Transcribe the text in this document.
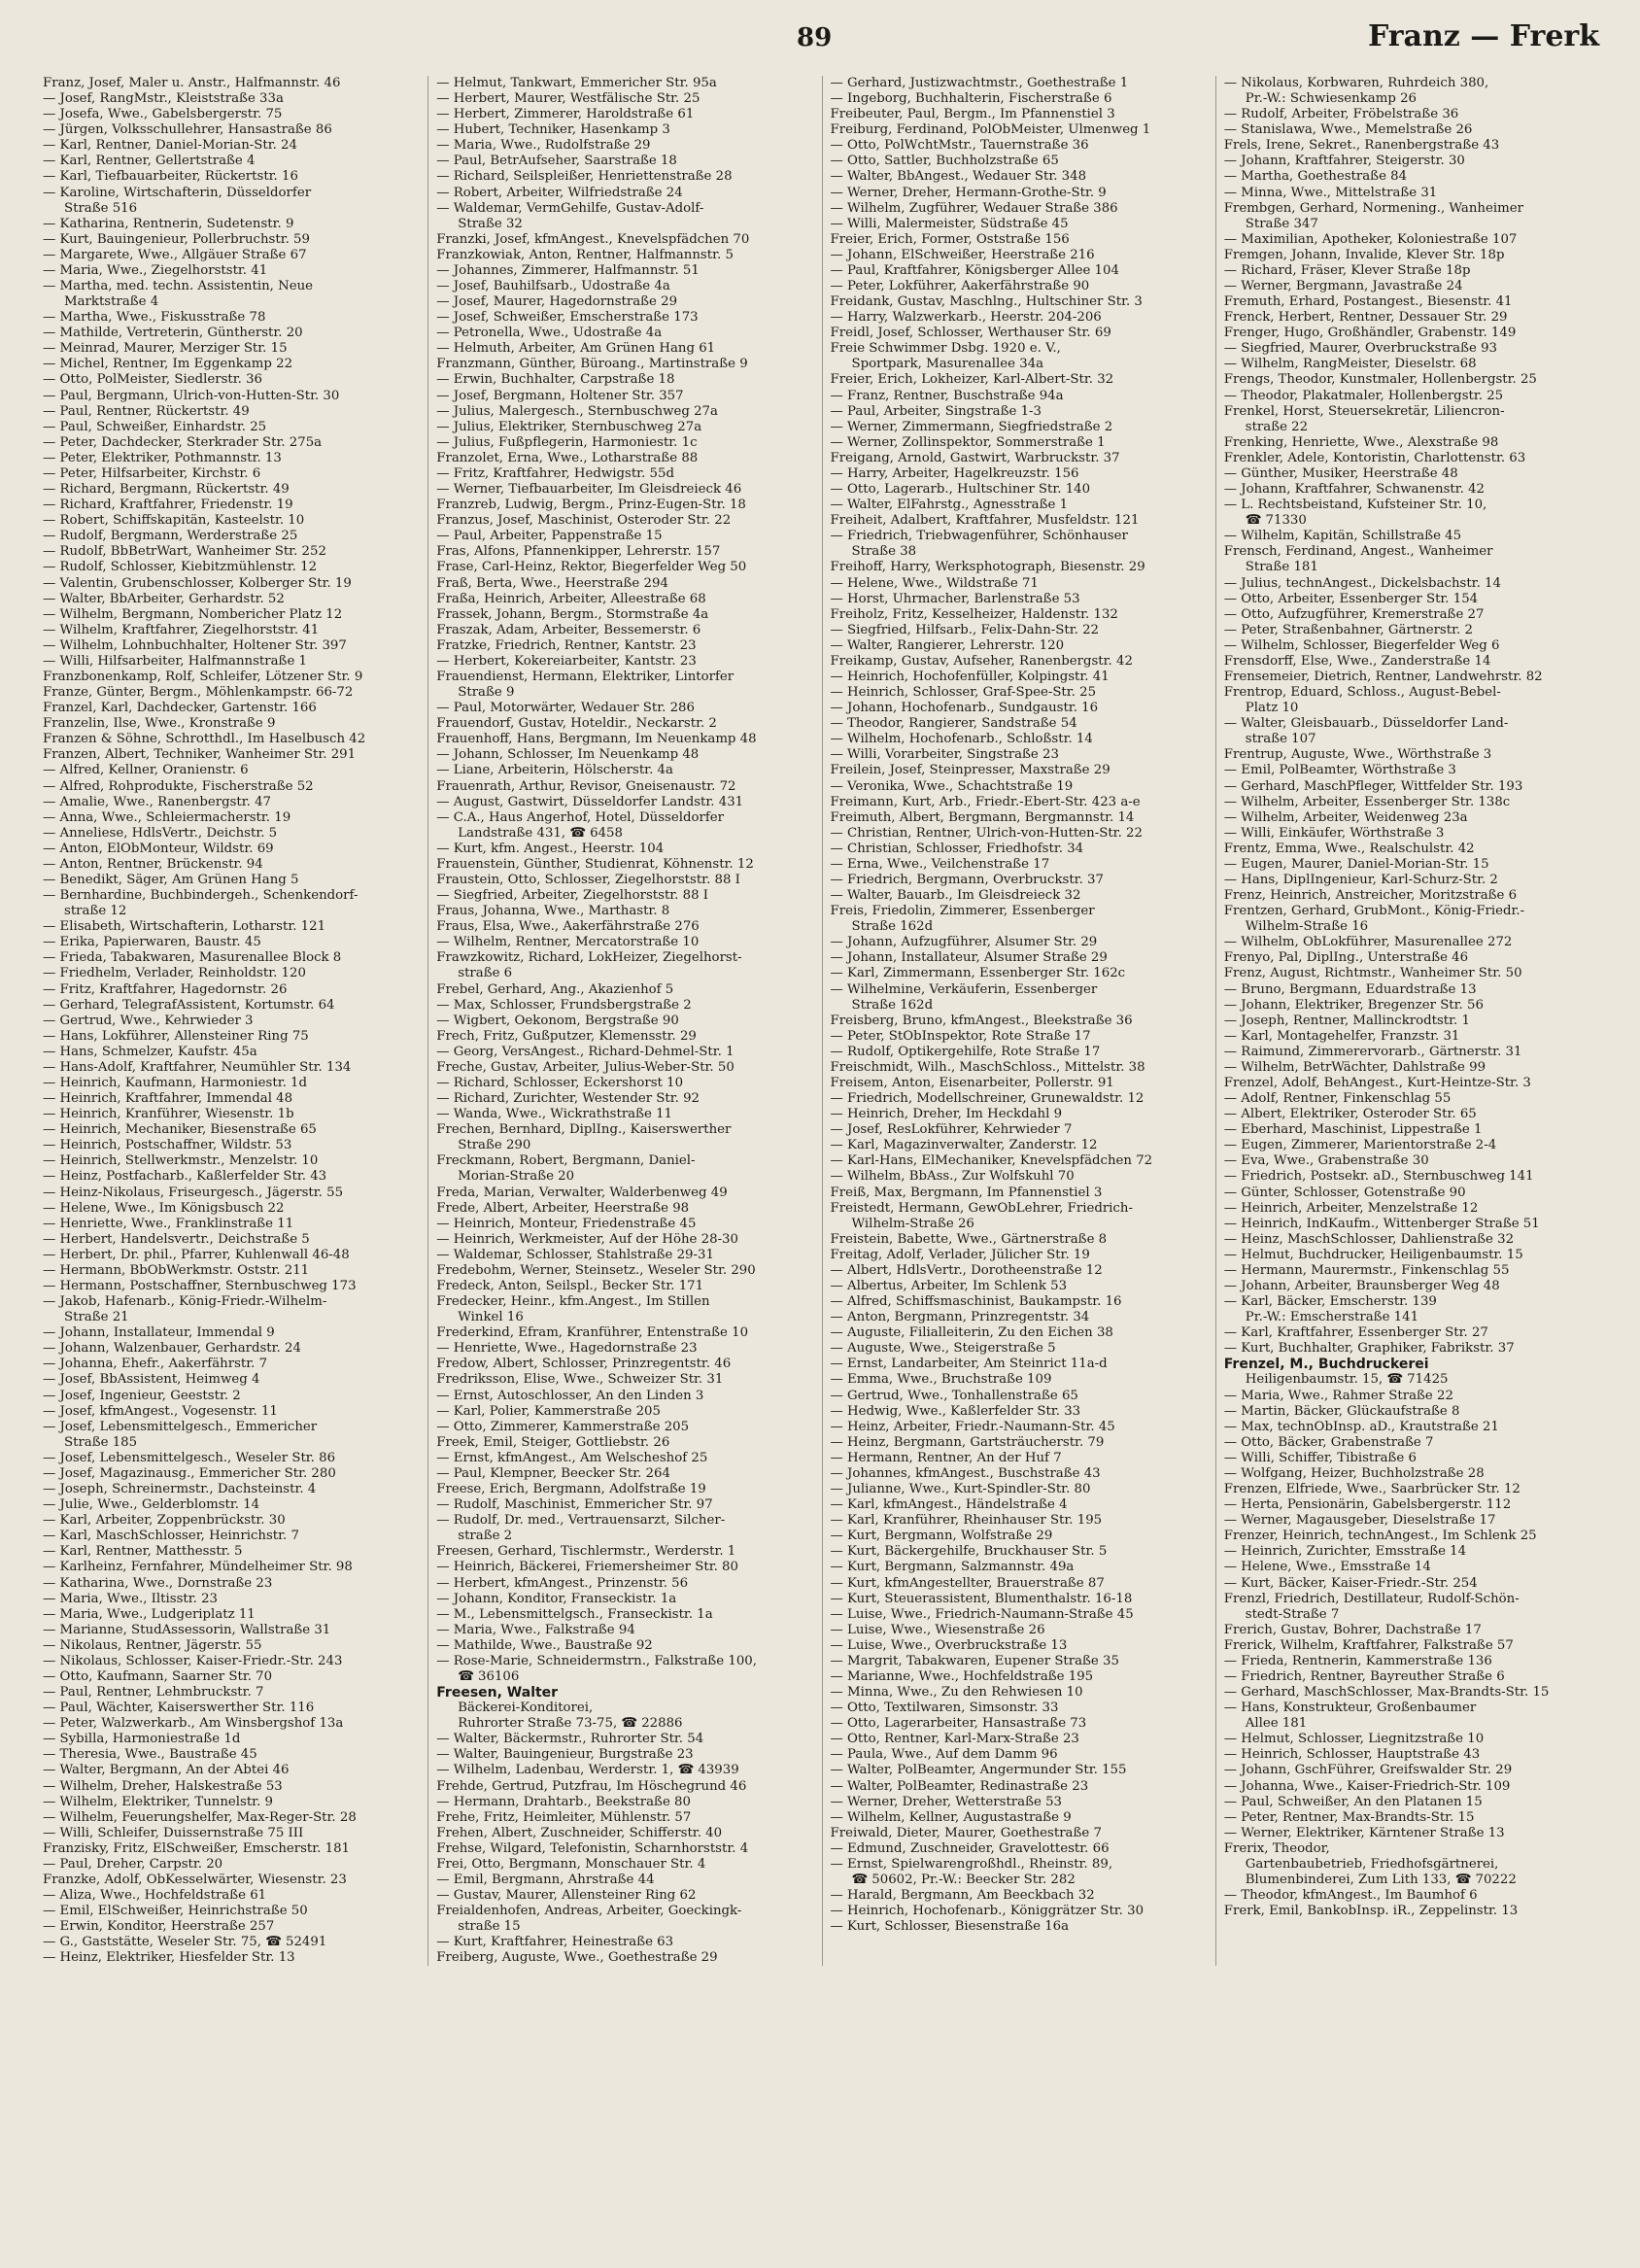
89	Franz — Frerk
Franz, Josef, Maler u. Anstr., Halfmannstr. 46
— Josef, RangMstr., Kleiststraße 33a
— Josefa, Wwe., Gabelsbergerstr. 75
— Jürgen, Volksschullehrer, Hansastraße 86
— Karl, Rentner, Daniel-Morian-Str. 24
— Karl, Rentner, Gellertstraße 4
— Karl, Tiefbauarbeiter, Rückertstr. 16
— Karoline, Wirtschafterin, Düsseldorfer
Straße 516
— Katharina, Rentnerin, Sudetenstr. 9
— Kurt, Bauingenieur, Pollerbruchstr. 59
— Margarete, Wwe., Allgäuer Straße 67
— Maria, Wwe., Ziegelhorststr. 41
— Martha, med. techn. Assistentin, Neue
Marktstraße 4
— Martha, Wwe., Fiskusstraße 78
— Mathilde, Vertreterin, Güntherstr. 20
— Meinrad, Maurer, Merziger Str. 15
— Michel, Rentner, Im Eggenkamp 22
— Otto, PolMeister, Siedlerstr. 36
— Paul, Bergmann, Ulrich-von-Hutten-Str. 30
— Paul, Rentner, Rückertstr. 49
— Paul, Schweißer, Einhardstr. 25
— Peter, Dachdecker, Sterkrader Str. 275a
— Peter, Elektriker, Pothmannstr. 13
— Peter, Hilfsarbeiter, Kirchstr. 6
— Richard, Bergmann, Rückertstr. 49
— Richard, Kraftfahrer, Friedenstr. 19
— Robert, Schiffskapitän, Kasteelstr. 10
— Rudolf, Bergmann, Werderstraße 25
— Rudolf, BbBetrWart, Wanheimer Str. 252
— Rudolf, Schlosser, Kiebitzmühlenstr. 12
— Valentin, Grubenschlosser, Kolberger Str. 19
— Walter, BbArbeiter, Gerhardstr. 52
— Wilhelm, Bergmann, Nombericher Platz 12
— Wilhelm, Kraftfahrer, Ziegelhorststr. 41
— Wilhelm, Lohnbuchhalter, Holtener Str. 397
— Willi, Hilfsarbeiter, Halfmannstraße 1
Franzbonenkamp, Rolf, Schleifer, Lötzener Str. 9
Franze, Günter, Bergm., Möhlenkampstr. 66-72
Franzel, Karl, Dachdecker, Gartenstr. 166
Franzelin, Ilse, Wwe., Kronstraße 9
Franzen & Söhne, Schrotthdl., Im Haselbusch 42
Franzen, Albert, Techniker, Wanheimer Str. 291
— Alfred, Kellner, Oranienstr. 6
— Alfred, Rohprodukte, Fischerstraße 52
— Amalie, Wwe., Ranenbergstr. 47
— Anna, Wwe., Schleiermacherstr. 19
— Anneliese, HdlsVertr., Deichstr. 5
— Anton, ElObMonteur, Wildstr. 69
— Anton, Rentner, Brückenstr. 94
— Benedikt, Säger, Am Grünen Hang 5
— Bernhardine, Buchbindergeh., Schenkendorf-
straße 12
— Elisabeth, Wirtschafterin, Lotharstr. 121
— Erika, Papierwaren, Baustr. 45
— Frieda, Tabakwaren, Masurenallee Block 8
— Friedhelm, Verlader, Reinholdstr. 120
— Fritz, Kraftfahrer, Hagedornstr. 26
— Gerhard, TelegrafAssistent, Kortumstr. 64
— Gertrud, Wwe., Kehrwieder 3
— Hans, Lokführer, Allensteiner Ring 75
— Hans, Schmelzer, Kaufstr. 45a
— Hans-Adolf, Kraftfahrer, Neumühler Str. 134
— Heinrich, Kaufmann, Harmoniestr. 1d
— Heinrich, Kraftfahrer, Immendal 48
— Heinrich, Kranführer, Wiesenstr. 1b
— Heinrich, Mechaniker, Biesenstraße 65
— Heinrich, Postschaffner, Wildstr. 53
— Heinrich, Stellwerkmstr., Menzelstr. 10
— Heinz, Postfacharb., Kaßlerfelder Str. 43
— Heinz-Nikolaus, Friseurgesch., Jägerstr. 55
— Helene, Wwe., Im Königsbusch 22
— Henriette, Wwe., Franklinstraße 11
— Herbert, Handelsvertr., Deichstraße 5
— Herbert, Dr. phil., Pfarrer, Kuhlenwall 46-48
— Hermann, BbObWerkmstr. Oststr. 211
— Hermann, Postschaffner, Sternbuschweg 173
— Jakob, Hafenarb., König-Friedr.-Wilhelm-
Straße 21
— Johann, Installateur, Immendal 9
— Johann, Walzenbauer, Gerhardstr. 24
— Johanna, Ehefr., Aakerfährstr. 7
— Josef, BbAssistent, Heimweg 4
— Josef, Ingenieur, Geeststr. 2
— Josef, kfmAngest., Vogesenstr. 11
— Josef, Lebensmittelgesch., Emmericher
Straße 185
— Josef, Lebensmittelgesch., Weseler Str. 86
— Josef, Magazinausg., Emmericher Str. 280
— Joseph, Schreinermstr., Dachsteinstr. 4
— Julie, Wwe., Gelderblomstr. 14
— Karl, Arbeiter, Zoppenbrückstr. 30
— Karl, MaschSchlosser, Heinrichstr. 7
— Karl, Rentner, Matthesstr. 5
— Karlheinz, Fernfahrer, Mündelheimer Str. 98
— Katharina, Wwe., Dornstraße 23
— Maria, Wwe., Iltisstr. 23
— Maria, Wwe., Ludgeriplatz 11
— Marianne, StudAssessorin, Wallstraße 31
— Nikolaus, Rentner, Jägerstr. 55
— Nikolaus, Schlosser, Kaiser-Friedr.-Str. 243
— Otto, Kaufmann, Saarner Str. 70
— Paul, Rentner, Lehmbruckstr. 7
— Paul, Wächter, Kaiserswerther Str. 116
— Peter, Walzwerkarb., Am Winsbergshof 13a
— Sybilla, Harmoniestraße 1d
— Theresia, Wwe., Baustraße 45
— Walter, Bergmann, An der Abtei 46
— Wilhelm, Dreher, Halskestraße 53
— Wilhelm, Elektriker, Tunnelstr. 9
— Wilhelm, Feuerungshelfer, Max-Reger-Str. 28
— Willi, Schleifer, Duissernstraße 75 III
Franzisky, Fritz, ElSchweißer, Emscherstr. 181
— Paul, Dreher, Carpstr. 20
Franzke, Adolf, ObKesselwärter, Wiesenstr. 23
— Aliza, Wwe., Hochfeldstraße 61
— Emil, ElSchweißer, Heinrichstraße 50
— Erwin, Konditor, Heerstraße 257
— G., Gaststätte, Weseler Str. 75, ☎ 52491
— Heinz, Elektriker, Hiesfelder Str. 13
— Helmut, Tankwart, Emmericher Str. 95a
— Herbert, Maurer, Westfälische Str. 25
— Herbert, Zimmerer, Haroldstraße 61
— Hubert, Techniker, Hasenkamp 3
— Maria, Wwe., Rudolfstraße 29
— Paul, BetrAufseher, Saarstraße 18
— Richard, Seilspleißer, Henriettenstraße 28
— Robert, Arbeiter, Wilfriedstraße 24
— Waldemar, VermGehilfe, Gustav-Adolf-
Straße 32
Franzki, Josef, kfmAngest., Knevelspfädchen 70
Franzkowiak, Anton, Rentner, Halfmannstr. 5
— Johannes, Zimmerer, Halfmannstr. 51
— Josef, Bauhilfsarb., Udostraße 4a
— Josef, Maurer, Hagedornstraße 29
— Josef, Schweißer, Emscherstraße 173
— Petronella, Wwe., Udostraße 4a
— Helmuth, Arbeiter, Am Grünen Hang 61
Franzmann, Günther, Büroang., Martinstraße 9
— Erwin, Buchhalter, Carpstraße 18
— Josef, Bergmann, Holtener Str. 357
— Julius, Malergesch., Sternbuschweg 27a
— Julius, Elektriker, Sternbuschweg 27a
— Julius, Fußpflegerin, Harmoniestr. 1c
Franzolet, Erna, Wwe., Lotharstraße 88
— Fritz, Kraftfahrer, Hedwigstr. 55d
— Werner, Tiefbauarbeiter, Im Gleisdreieck 46
Franzreb, Ludwig, Bergm., Prinz-Eugen-Str. 18
Franzus, Josef, Maschinist, Osteroder Str. 22
— Paul, Arbeiter, Pappenstraße 15
Fras, Alfons, Pfannenkipper, Lehrerstr. 157
Frase, Carl-Heinz, Rektor, Biegerfelder Weg 50
Fraß, Berta, Wwe., Heerstraße 294
Fraßa, Heinrich, Arbeiter, Alleestraße 68
Frassek, Johann, Bergm., Stormstraße 4a
Fraszak, Adam, Arbeiter, Bessemerstr. 6
Fratzke, Friedrich, Rentner, Kantstr. 23
— Herbert, Kokereiarbeiter, Kantstr. 23
Frauendienst, Hermann, Elektriker, Lintorfer
Straße 9
— Paul, Motorwärter, Wedauer Str. 286
Frauendorf, Gustav, Hoteldir., Neckarstr. 2
Frauenhoff, Hans, Bergmann, Im Neuenkamp 48
— Johann, Schlosser, Im Neuenkamp 48
— Liane, Arbeiterin, Hölscherstr. 4a
Frauenrath, Arthur, Revisor, Gneisenaustr. 72
— August, Gastwirt, Düsseldorfer Landstr. 431
— C.A., Haus Angerhof, Hotel, Düsseldorfer
Landstraße 431, ☎ 6458
— Kurt, kfm. Angest., Heerstr. 104
Frauenstein, Günther, Studienrat, Köhnenstr. 12
Fraustein, Otto, Schlosser, Ziegelhorststr. 88 I
— Siegfried, Arbeiter, Ziegelhorststr. 88 I
Fraus, Johanna, Wwe., Marthastr. 8
Fraus, Elsa, Wwe., Aakerfährstraße 276
— Wilhelm, Rentner, Mercatorstraße 10
Frawzkowitz, Richard, LokHeizer, Ziegelhorst-
straße 6
Frebel, Gerhard, Ang., Akazienhof 5
— Max, Schlosser, Frundsbergstraße 2
— Wigbert, Oekonom, Bergstraße 90
Frech, Fritz, Gußputzer, Klemensstr. 29
— Georg, VersAngest., Richard-Dehmel-Str. 1
Freche, Gustav, Arbeiter, Julius-Weber-Str. 50
— Richard, Schlosser, Eckershorst 10
— Richard, Zurichter, Westender Str. 92
— Wanda, Wwe., Wickrathstraße 11
Frechen, Bernhard, DiplIng., Kaiserswerther
Straße 290
Freckmann, Robert, Bergmann, Daniel-
Morian-Straße 20
Freda, Marian, Verwalter, Walderbenweg 49
Frede, Albert, Arbeiter, Heerstraße 98
— Heinrich, Monteur, Friedenstraße 45
— Heinrich, Werkmeister, Auf der Höhe 28-30
— Waldemar, Schlosser, Stahlstraße 29-31
Fredebohm, Werner, Steinsetz., Weseler Str. 290
Fredeck, Anton, Seilspl., Becker Str. 171
Fredecker, Heinr., kfm.Angest., Im Stillen
Winkel 16
Frederkind, Efram, Kranführer, Entenstraße 10
— Henriette, Wwe., Hagedornstraße 23
Fredow, Albert, Schlosser, Prinzregentstr. 46
Fredriksson, Elise, Wwe., Schweizer Str. 31
— Ernst, Autoschlosser, An den Linden 3
— Karl, Polier, Kammerstraße 205
— Otto, Zimmerer, Kammerstraße 205
Freek, Emil, Steiger, Gottliebstr. 26
— Ernst, kfmAngest., Am Welscheshof 25
— Paul, Klempner, Beecker Str. 264
Freese, Erich, Bergmann, Adolfstraße 19
— Rudolf, Maschinist, Emmericher Str. 97
— Rudolf, Dr. med., Vertrauensarzt, Silcher-
straße 2
Freesen, Gerhard, Tischlermstr., Werderstr. 1
— Heinrich, Bäckerei, Friemersheimer Str. 80
— Herbert, kfmAngest., Prinzenstr. 56
— Johann, Konditor, Franseckistr. 1a
— M., Lebensmittelgsch., Franseckistr. 1a
— Maria, Wwe., Falkstraße 94
— Mathilde, Wwe., Baustraße 92
— Rose-Marie, Schneidermstrn., Falkstraße 100,
☎ 36106
Freesen, Walter
Bäckerei-Konditorei,
Ruhrorter Straße 73-75, ☎ 22886
— Walter, Bäckermstr., Ruhrorter Str. 54
— Walter, Bauingenieur, Burgstraße 23
— Wilhelm, Ladenbau, Werderstr. 1, ☎ 43939
Frehde, Gertrud, Putzfrau, Im Höschegrund 46
— Hermann, Drahtarb., Beekstraße 80
Frehe, Fritz, Heimleiter, Mühlenstr. 57
Frehen, Albert, Zuschneider, Schifferstr. 40
Frehse, Wilgard, Telefonistin, Scharnhorststr. 4
Frei, Otto, Bergmann, Monschauer Str. 4
— Emil, Bergmann, Ahrstraße 44
— Gustav, Maurer, Allensteiner Ring 62
Freialdenhofen, Andreas, Arbeiter, Goeckingk-
straße 15
— Kurt, Kraftfahrer, Heinestraße 63
Freiberg, Auguste, Wwe., Goethestraße 29
— Gerhard, Justizwachtmstr., Goethestraße 1
— Ingeborg, Buchhalterin, Fischerstraße 6
Freibeuter, Paul, Bergm., Im Pfannenstiel 3
Freiburg, Ferdinand, PolObMeister, Ulmenweg 1
— Otto, PolWchtMstr., Tauernstraße 36
— Otto, Sattler, Buchholzstraße 65
— Walter, BbAngest., Wedauer Str. 348
— Werner, Dreher, Hermann-Grothe-Str. 9
— Wilhelm, Zugführer, Wedauer Straße 386
— Willi, Malermeister, Südstraße 45
Freier, Erich, Former, Oststraße 156
— Johann, ElSchweißer, Heerstraße 216
— Paul, Kraftfahrer, Königsberger Allee 104
— Peter, Lokführer, Aakerfährstraße 90
Freidank, Gustav, Maschlng., Hultschiner Str. 3
— Harry, Walzwerkarb., Heerstr. 204-206
Freidl, Josef, Schlosser, Werthauser Str. 69
Freie Schwimmer Dsbg. 1920 e. V.,
Sportpark, Masurenallee 34a
Freier, Erich, Lokheizer, Karl-Albert-Str. 32
— Franz, Rentner, Buschstraße 94a
— Paul, Arbeiter, Singstraße 1-3
— Werner, Zimmermann, Siegfriedstraße 2
— Werner, Zollinspektor, Sommerstraße 1
Freigang, Arnold, Gastwirt, Warbruckstr. 37
— Harry, Arbeiter, Hagelkreuzstr. 156
— Otto, Lagerarb., Hultschiner Str. 140
— Walter, ElFahrstg., Agnesstraße 1
Freiheit, Adalbert, Kraftfahrer, Musfeldstr. 121
— Friedrich, Triebwagenführer, Schönhauser
Straße 38
Freihoff, Harry, Werksphotograph, Biesenstr. 29
— Helene, Wwe., Wildstraße 71
— Horst, Uhrmacher, Barlenstraße 53
Freiholz, Fritz, Kesselheizer, Haldenstr. 132
— Siegfried, Hilfsarb., Felix-Dahn-Str. 22
— Walter, Rangierer, Lehrerstr. 120
Freikamp, Gustav, Aufseher, Ranenbergstr. 42
— Heinrich, Hochofenfüller, Kolpingstr. 41
— Heinrich, Schlosser, Graf-Spee-Str. 25
— Johann, Hochofenarb., Sundgaustr. 16
— Theodor, Rangierer, Sandstraße 54
— Wilhelm, Hochofenarb., Schloßstr. 14
— Willi, Vorarbeiter, Singstraße 23
Freilein, Josef, Steinpresser, Maxstraße 29
— Veronika, Wwe., Schachtstraße 19
Freimann, Kurt, Arb., Friedr.-Ebert-Str. 423 a-e
Freimuth, Albert, Bergmann, Bergmannstr. 14
— Christian, Rentner, Ulrich-von-Hutten-Str. 22
— Christian, Schlosser, Friedhofstr. 34
— Erna, Wwe., Veilchenstraße 17
— Friedrich, Bergmann, Overbruckstr. 37
— Walter, Bauarb., Im Gleisdreieck 32
Freis, Friedolin, Zimmerer, Essenberger
Straße 162d
— Johann, Aufzugführer, Alsumer Str. 29
— Johann, Installateur, Alsumer Straße 29
— Karl, Zimmermann, Essenberger Str. 162c
— Wilhelmine, Verkäuferin, Essenberger
Straße 162d
Freisberg, Bruno, kfmAngest., Bleekstraße 36
— Peter, StObInspektor, Rote Straße 17
— Rudolf, Optikergehilfe, Rote Straße 17
Freischmidt, Wilh., MaschSchloss., Mittelstr. 38
Freisem, Anton, Eisenarbeiter, Pollerstr. 91
— Friedrich, Modellschreiner, Grunewaldstr. 12
— Heinrich, Dreher, Im Heckdahl 9
— Josef, ResLokführer, Kehrwieder 7
— Karl, Magazinverwalter, Zanderstr. 12
— Karl-Hans, ElMechaniker, Knevelspfädchen 72
— Wilhelm, BbAss., Zur Wolfskuhl 70
Freiß, Max, Bergmann, Im Pfannenstiel 3
Freistedt, Hermann, GewObLehrer, Friedrich-
Wilhelm-Straße 26
Freistein, Babette, Wwe., Gärtnerstraße 8
Freitag, Adolf, Verlader, Jülicher Str. 19
— Albert, HdlsVertr., Dorotheenstraße 12
— Albertus, Arbeiter, Im Schlenk 53
— Alfred, Schiffsmaschinist, Baukampstr. 16
— Anton, Bergmann, Prinzregentstr. 34
— Auguste, Filialleiterin, Zu den Eichen 38
— Auguste, Wwe., Steigerstraße 5
— Ernst, Landarbeiter, Am Steinrict 11a-d
— Emma, Wwe., Bruchstraße 109
— Gertrud, Wwe., Tonhallenstraße 65
— Hedwig, Wwe., Kaßlerfelder Str. 33
— Heinz, Arbeiter, Friedr.-Naumann-Str. 45
— Heinz, Bergmann, Gartsträucherstr. 79
— Hermann, Rentner, An der Huf 7
— Johannes, kfmAngest., Buschstraße 43
— Julianne, Wwe., Kurt-Spindler-Str. 80
— Karl, kfmAngest., Händelstraße 4
— Karl, Kranführer, Rheinhauser Str. 195
— Kurt, Bergmann, Wolfstraße 29
— Kurt, Bäckergehilfe, Bruckhauser Str. 5
— Kurt, Bergmann, Salzmannstr. 49a
— Kurt, kfmAngestellter, Brauerstraße 87
— Kurt, Steuerassistent, Blumenthalstr. 16-18
— Luise, Wwe., Friedrich-Naumann-Straße 45
— Luise, Wwe., Wiesenstraße 26
— Luise, Wwe., Overbruckstraße 13
— Margrit, Tabakwaren, Eupener Straße 35
— Marianne, Wwe., Hochfeldstraße 195
— Minna, Wwe., Zu den Rehwiesen 10
— Otto, Textilwaren, Simsonstr. 33
— Otto, Lagerarbeiter, Hansastraße 73
— Otto, Rentner, Karl-Marx-Straße 23
— Paula, Wwe., Auf dem Damm 96
— Walter, PolBeamter, Angermunder Str. 155
— Walter, PolBeamter, Redinastraße 23
— Werner, Dreher, Wetterstraße 53
— Wilhelm, Kellner, Augustastraße 9
Freiwald, Dieter, Maurer, Goethestraße 7
— Edmund, Zuschneider, Gravelottestr. 66
— Ernst, Spielwarengroßhdl., Rheinstr. 89,
☎ 50602, Pr.-W.: Beecker Str. 282
— Harald, Bergmann, Am Beeckbach 32
— Heinrich, Hochofenarb., Königgrätzer Str. 30
— Kurt, Schlosser, Biesenstraße 16a
— Nikolaus, Korbwaren, Ruhrdeich 380,
Pr.-W.: Schwiesenkamp 26
— Rudolf, Arbeiter, Fröbelstraße 36
— Stanislawa, Wwe., Memelstraße 26
Frels, Irene, Sekret., Ranenbergstraße 43
— Johann, Kraftfahrer, Steigerstr. 30
— Martha, Goethestraße 84
— Minna, Wwe., Mittelstraße 31
Frembgen, Gerhard, Normening., Wanheimer
Straße 347
— Maximilian, Apotheker, Koloniestraße 107
Fremgen, Johann, Invalide, Klever Str. 18p
— Richard, Fräser, Klever Straße 18p
— Werner, Bergmann, Javastraße 24
Fremuth, Erhard, Postangest., Biesenstr. 41
Frenck, Herbert, Rentner, Dessauer Str. 29
Frenger, Hugo, Großhändler, Grabenstr. 149
— Siegfried, Maurer, Overbruckstraße 93
— Wilhelm, RangMeister, Dieselstr. 68
Frengs, Theodor, Kunstmaler, Hollenbergstr. 25
— Theodor, Plakatmaler, Hollenbergstr. 25
Frenkel, Horst, Steuersekretär, Liliencron-
straße 22
Frenking, Henriette, Wwe., Alexstraße 98
Frenkler, Adele, Kontoristin, Charlottenstr. 63
— Günther, Musiker, Heerstraße 48
— Johann, Kraftfahrer, Schwanenstr. 42
— L. Rechtsbeistand, Kufsteiner Str. 10,
☎ 71330
— Wilhelm, Kapitän, Schillstraße 45
Frensch, Ferdinand, Angest., Wanheimer
Straße 181
— Julius, technAngest., Dickelsbachstr. 14
— Otto, Arbeiter, Essenberger Str. 154
— Otto, Aufzugführer, Kremerstraße 27
— Peter, Straßenbahner, Gärtnerstr. 2
— Wilhelm, Schlosser, Biegerfelder Weg 6
Frensdorff, Else, Wwe., Zanderstraße 14
Frensemeier, Dietrich, Rentner, Landwehrstr. 82
Frentrop, Eduard, Schloss., August-Bebel-
Platz 10
— Walter, Gleisbauarb., Düsseldorfer Land-
straße 107
Frentrup, Auguste, Wwe., Wörthstraße 3
— Emil, PolBeamter, Wörthstraße 3
— Gerhard, MaschPfleger, Wittfelder Str. 193
— Wilhelm, Arbeiter, Essenberger Str. 138c
— Wilhelm, Arbeiter, Weidenweg 23a
— Willi, Einkäufer, Wörthstraße 3
Frentz, Emma, Wwe., Realschulstr. 42
— Eugen, Maurer, Daniel-Morian-Str. 15
— Hans, DiplIngenieur, Karl-Schurz-Str. 2
Frenz, Heinrich, Anstreicher, Moritzstraße 6
Frentzen, Gerhard, GrubMont., König-Friedr.-
Wilhelm-Straße 16
— Wilhelm, ObLokführer, Masurenallee 272
Frenyo, Pal, DiplIng., Unterstraße 46
Frenz, August, Richtmstr., Wanheimer Str. 50
— Bruno, Bergmann, Eduardstraße 13
— Johann, Elektriker, Bregenzer Str. 56
— Joseph, Rentner, Mallinckrodtstr. 1
— Karl, Montagehelfer, Franzstr. 31
— Raimund, Zimmerervorarb., Gärtnerstr. 31
— Wilhelm, BetrWächter, Dahlstraße 99
Frenzel, Adolf, BehAngest., Kurt-Heintze-Str. 3
— Adolf, Rentner, Finkenschlag 55
— Albert, Elektriker, Osteroder Str. 65
— Eberhard, Maschinist, Lippestraße 1
— Eugen, Zimmerer, Marientorstraße 2-4
— Eva, Wwe., Grabenstraße 30
— Friedrich, Postsekr. aD., Sternbuschweg 141
— Günter, Schlosser, Gotenstraße 90
— Heinrich, Arbeiter, Menzelstraße 12
— Heinrich, IndKaufm., Wittenberger Straße 51
— Heinz, MaschSchlosser, Dahlienstraße 32
— Helmut, Buchdrucker, Heiligenbaumstr. 15
— Hermann, Maurermstr., Finkenschlag 55
— Johann, Arbeiter, Braunsberger Weg 48
— Karl, Bäcker, Emscherstr. 139
Pr.-W.: Emscherstraße 141
— Karl, Kraftfahrer, Essenberger Str. 27
— Kurt, Buchhalter, Graphiker, Fabrikstr. 37
Frenzel, M., Buchdruckerei
Heiligenbaumstr. 15, ☎ 71425
— Maria, Wwe., Rahmer Straße 22
— Martin, Bäcker, Glückaufstraße 8
— Max, technObInsp. aD., Krautstraße 21
— Otto, Bäcker, Grabenstraße 7
— Willi, Schiffer, Tibistraße 6
— Wolfgang, Heizer, Buchholzstraße 28
Frenzen, Elfriede, Wwe., Saarbrücker Str. 12
— Herta, Pensionärin, Gabelsbergerstr. 112
— Werner, Magausgeber, Dieselstraße 17
Frenzer, Heinrich, technAngest., Im Schlenk 25
— Heinrich, Zurichter, Emsstraße 14
— Helene, Wwe., Emsstraße 14
— Kurt, Bäcker, Kaiser-Friedr.-Str. 254
Frenzl, Friedrich, Destillateur, Rudolf-Schön-
stedt-Straße 7
Frerich, Gustav, Bohrer, Dachstraße 17
Frerick, Wilhelm, Kraftfahrer, Falkstraße 57
— Frieda, Rentnerin, Kammerstraße 136
— Friedrich, Rentner, Bayreuther Straße 6
— Gerhard, MaschSchlosser, Max-Brandts-Str. 15
— Hans, Konstrukteur, Großenbaumer
Allee 181
— Helmut, Schlosser, Liegnitzstraße 10
— Heinrich, Schlosser, Hauptstraße 43
— Johann, GschFührer, Greifswalder Str. 29
— Johanna, Wwe., Kaiser-Friedrich-Str. 109
— Paul, Schweißer, An den Platanen 15
— Peter, Rentner, Max-Brandts-Str. 15
— Werner, Elektriker, Kärntener Straße 13
Frerix, Theodor,
Gartenbaubetrieb, Friedhofsgärtnerei,
Blumenbinderei, Zum Lith 133, ☎ 70222
— Theodor, kfmAngest., Im Baumhof 6
Frerk, Emil, BankobInsp. iR., Zeppelinstr. 13
